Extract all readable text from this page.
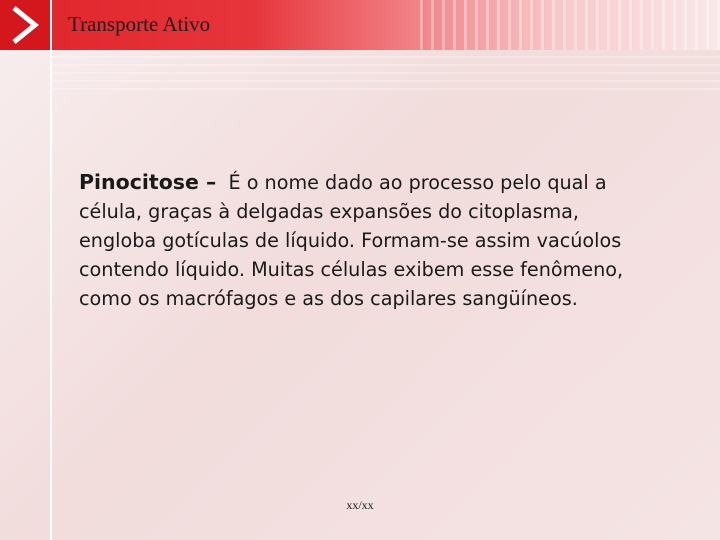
Transporte Ativo
Pinocitose – É o nome dado ao processo pelo qual a
célula, graças à delgadas expansões do citoplasma,
engloba gotículas de líquido. Formam-se assim vacúolos
contendo líquido. Muitas células exibem esse fenômeno,
como os macrófagos e as dos capilares sangüíneos.
xx/xx
